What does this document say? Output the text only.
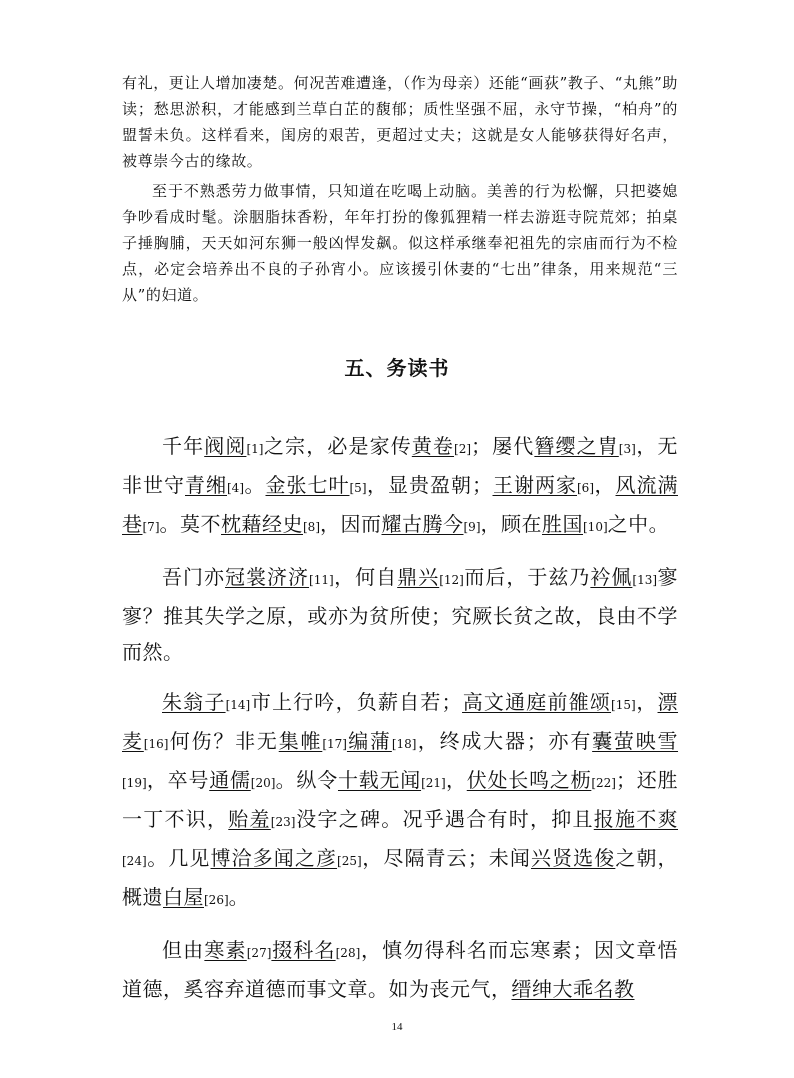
有礼，更让人增加凄楚。何况苦难遭逢，（作为母亲）还能“画荻”教子、“丸熊”助读；愁思淤积，才能感到兰草白芷的馥郁；质性坚强不屈，永守节操，“柏舟”的盟誓未负。这样看来，闺房的艰苦，更超过丈夫；这就是女人能够获得好名声，被尊崇今古的缘故。

至于不熟悉劳力做事情，只知道在吃喝上动脑。美善的行为松懈，只把婆媳争吵看成时髦。涂胭脂抹香粉，年年打扮的像狐狸精一样去游逛寺院荒郊；拍桌子捶胸脯，天天如河东狮一般凶悍发飙。似这样承继奉祀祖先的宗庙而行为不检点，必定会培养出不良的子孙宵小。应该援引休妻的“七出”律条，用来规范“三从”的妇道。

五、务读书

千年阀阅[1]之宗，必是家传黄卷[2]；屡代簪缨之胄[3]，无非世守青缃[4]。金张七叶[5]，显贵盈朝；王谢两家[6]，风流满巷[7]。莫不枕藉经史[8]，因而耀古腾今[9]，顾在胜国[10]之中。

吾门亦冠裳济济[11]，何自鼎兴[12]而后，于兹乃衿佩[13]寥寥？推其失学之原，或亦为贫所使；究厥长贫之故，良由不学而然。

朱翁子[14]市上行吟，负薪自若；高文通庭前雒颂[15]，漂麦[16]何伤？非无集帷[17]编蒲[18]，终成大器；亦有囊萤映雪[19]，卒号通儒[20]。纵令十载无闻[21]，伏处长鸣之枥[22]；还胜一丁不识，贻羞[23]没字之碑。况乎遇合有时，抑且报施不爽[24]。几见博洽多闻之彦[25]，尽隔青云；未闻兴贤选俊之朝，概遗白屋[26]。

但由寒素[27]掇科名[28]，慎勿得科名而忘寒素；因文章悟道德，奚容弃道德而事文章。如为丧元气，缙绅大乖名教

14
